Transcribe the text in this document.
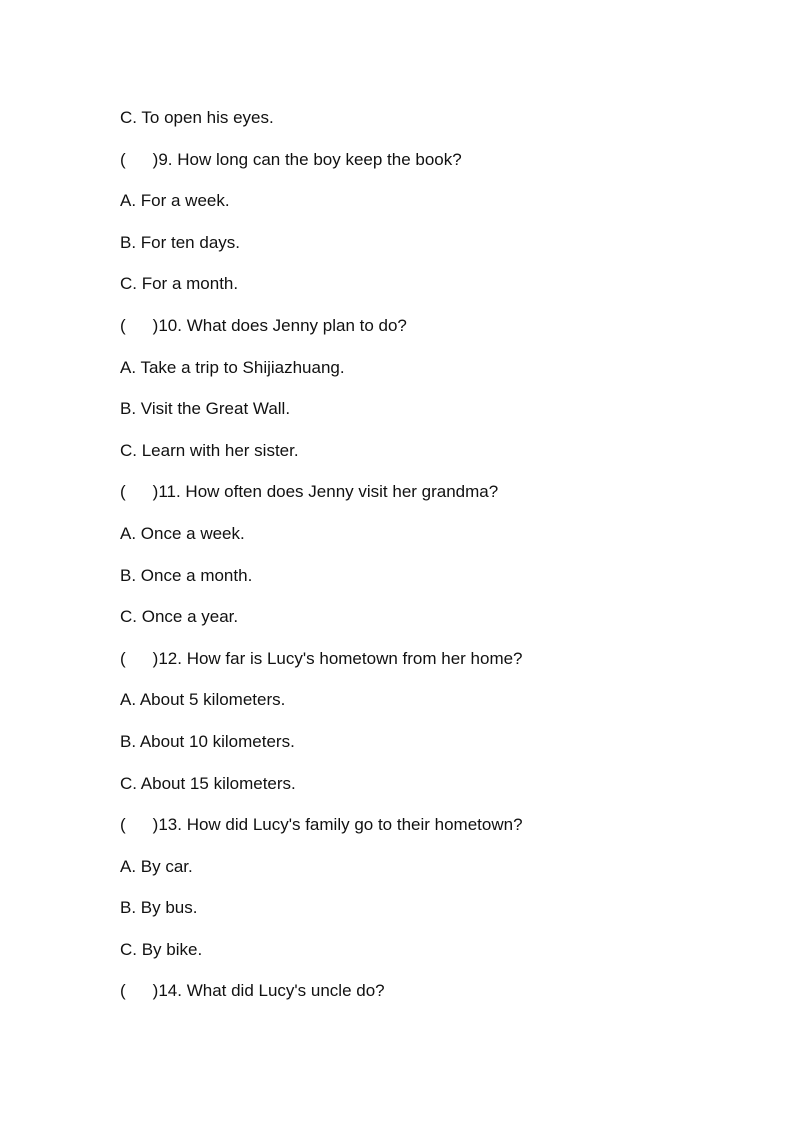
C. To open his eyes.
( )9. How long can the boy keep the book?
A. For a week.
B. For ten days.
C. For a month.
( )10. What does Jenny plan to do?
A. Take a trip to Shijiazhuang.
B. Visit the Great Wall.
C. Learn with her sister.
( )11. How often does Jenny visit her grandma?
A. Once a week.
B. Once a month.
C. Once a year.
( )12. How far is Lucy's hometown from her home?
A. About 5 kilometers.
B. About 10 kilometers.
C. About 15 kilometers.
( )13. How did Lucy's family go to their hometown?
A. By car.
B. By bus.
C. By bike.
( )14. What did Lucy's uncle do?
